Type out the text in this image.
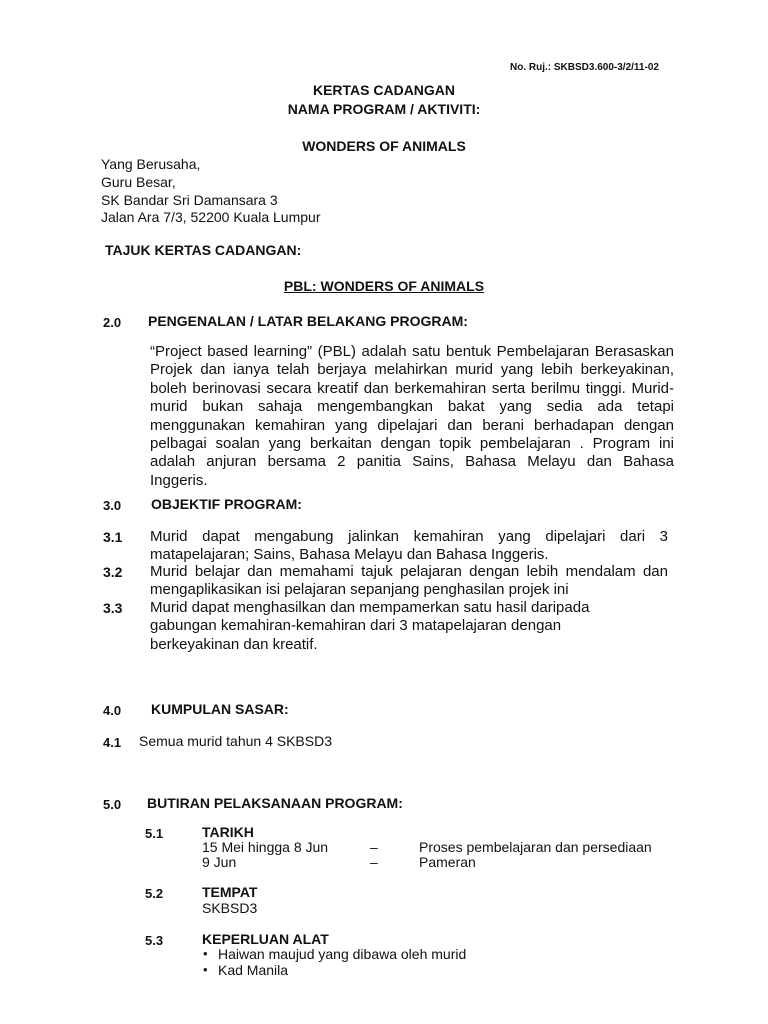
No. Ruj.: SKBSD3.600-3/2/11-02
KERTAS CADANGAN
NAMA PROGRAM / AKTIVITI:
WONDERS OF ANIMALS
Yang Berusaha,
Guru Besar,
SK Bandar Sri Damansara 3
Jalan Ara 7/3, 52200 Kuala Lumpur
TAJUK KERTAS CADANGAN:
PBL: WONDERS OF ANIMALS
2.0 PENGENALAN / LATAR BELAKANG PROGRAM:
“Project based learning” (PBL) adalah satu bentuk Pembelajaran Berasaskan
Projek dan ianya telah berjaya melahirkan murid yang lebih berkeyakinan,
boleh berinovasi secara kreatif dan berkemahiran serta berilmu tinggi. Murid-
murid bukan sahaja mengembangkan bakat yang sedia ada tetapi
menggunakan kemahiran yang dipelajari dan berani berhadapan dengan
pelbagai soalan yang berkaitan dengan topik pembelajaran . Program ini
adalah anjuran bersama 2 panitia Sains, Bahasa Melayu dan Bahasa
Inggeris.
3.0 OBJEKTIF PROGRAM:
3.1 Murid dapat mengabung jalinkan kemahiran yang dipelajari dari 3
matapelajaran; Sains, Bahasa Melayu dan Bahasa Inggeris.
3.2 Murid belajar dan memahami tajuk pelajaran dengan lebih mendalam dan
mengaplikasikan isi pelajaran sepanjang penghasilan projek ini
3.3 Murid dapat menghasilkan dan mempamerkan satu hasil daripada
gabungan kemahiran-kemahiran dari 3 matapelajaran dengan
berkeyakinan dan kreatif.
4.0 KUMPULAN SASAR:
4.1 Semua murid tahun 4 SKBSD3
5.0 BUTIRAN PELAKSANAAN PROGRAM:
5.1	TARIKH
15 Mei hingga 8 Jun	–	Proses pembelajaran dan persediaan
9 Jun	–	Pameran
5.2	TEMPAT
SKBSD3
5.3	KEPERLUAN ALAT
• Haiwan maujud yang dibawa oleh murid
• Kad Manila
